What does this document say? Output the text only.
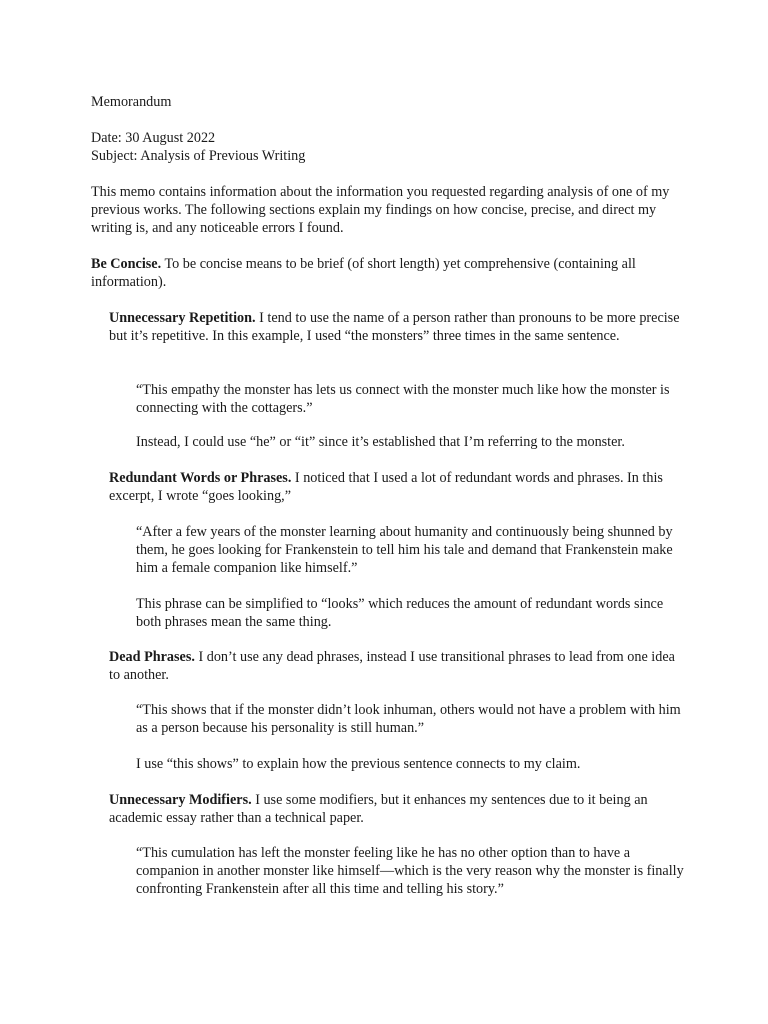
Memorandum

Date: 30 August 2022

Subject: Analysis of Previous Writing

This memo contains information about the information you requested regarding analysis of one of my previous works. The following sections explain my findings on how concise, precise, and direct my writing is, and any noticeable errors I found.

Be Concise. To be concise means to be brief (of short length) yet comprehensive (containing all information).

Unnecessary Repetition. I tend to use the name of a person rather than pronouns to be more precise but it’s repetitive. In this example, I used “the monsters” three times in the same sentence.

“This empathy the monster has lets us connect with the monster much like how the monster is connecting with the cottagers.”

Instead, I could use “he” or “it” since it’s established that I’m referring to the monster.

Redundant Words or Phrases. I noticed that I used a lot of redundant words and phrases. In this excerpt, I wrote “goes looking,”

“After a few years of the monster learning about humanity and continuously being shunned by them, he goes looking for Frankenstein to tell him his tale and demand that Frankenstein make him a female companion like himself.”

This phrase can be simplified to “looks” which reduces the amount of redundant words since both phrases mean the same thing.

Dead Phrases. I don’t use any dead phrases, instead I use transitional phrases to lead from one idea to another.

“This shows that if the monster didn’t look inhuman, others would not have a problem with him as a person because his personality is still human.”

I use “this shows” to explain how the previous sentence connects to my claim.

Unnecessary Modifiers. I use some modifiers, but it enhances my sentences due to it being an academic essay rather than a technical paper.

“This cumulation has left the monster feeling like he has no other option than to have a companion in another monster like himself—which is the very reason why the monster is finally confronting Frankenstein after all this time and telling his story.”
